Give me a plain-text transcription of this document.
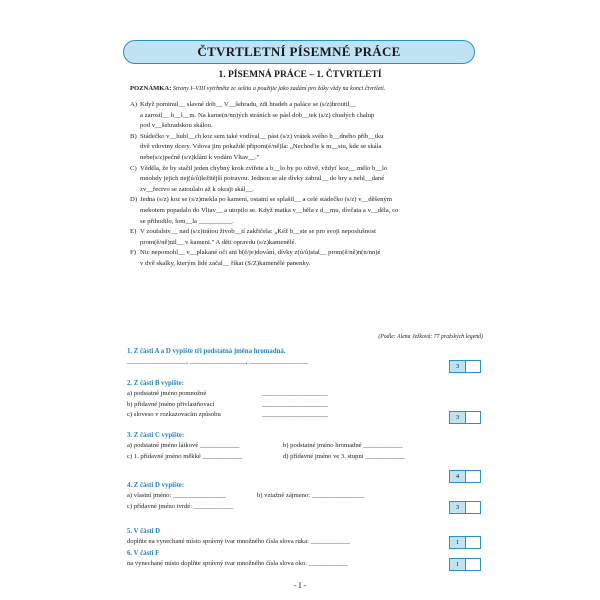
ČTVRTLETNÍ PÍSEMNÉ PRÁCE
1. PÍSEMNÁ PRÁCE – 1. ČTVRTLETÍ
POZNÁMKA: Strany I–VIII vytrhněte ze sešitu a použijte jako zadání pro žáky vždy na konci čtvrtletí.
A) Když pominul__ slavné dob__ V__šehradu, zdi hradeb a paláce se (s/z)hroutil__
a zarostl__ b__l__m. Na kame(n/nn)ých stráních se pásl dob__tek (s/z) chudých chalup
pod v__šehradskou skálou.
B) Stádečko v__hubl__ch koz sem také vodíval__ pást (s/z) vrátek svého b__dného příb__tku
dvě vdoviny dcery. Vdova jim pokaždé připom(é/ně)la: „Nechoďte k m__stu, kde se skála
nebe(s/z)pečně (s/z)kláni k vodám Vltav__."
C) Věděla, že by stačil jeden chybný krok zvířete a b__lo by po oživě, vždyť koz__ mělo b__lo
mnohdy jejich nej(ú/ů)ležitější potravou. Jednou se ale dívky zabral__ do hry a nehl__dané
zv__řectvo se zatoulalo až k okraji skál__.
D) Jedna (s/z) koz se (s/z)mekla po kameni, ostatní se splašil__ a celé stádečko (s/z) v__děšeným
mekotem popadalo do Vltav__ a utopilo se. Když matka v__běla z d__mu, dívčata a v__děla, co
se přihodilo, lom__la __________.
E) V zoufalstv__ nad (s/z)trátou živob__tí zakřičela: „Kéž b__ste se pro svoji neposlušnost
prom(ě/ně)nil__ v kameni." A děti opravdu (s/z)kamenělé.
F) Nic nepomohl__ v__plakané oči ani b(ě/je)dování, dívky z(ú/ů)stal__ prom(ě/ně)n(n/nn)é
v dvě skalky, kterým lidé začal__ říkat (S/Z)kamenělé panenky.
(Podle: Alena Ježková: 77 pražských legend)
1. Z části A a D vypište tři podstatná jména hromadná.
__________________, _________________, __________________
3
2. Z části B vypište:
a) podstatné jméno pomnožné	____________________
b) přídavné jméno přivlastňovací	____________________
c) sloveso v rozkazovacím způsobu	____________________	3
3. Z části C vypište:
a) podstatné jméno látkové ____________	b) podstatné jméno hromadné ____________
c) 1. přídavné jméno měkké ____________	d) přídavné jméno ve 3. stupni ____________
4
4. Z části D vypište:
a) vlastní jméno: ________________	b) vztažné zájmeno: ________________
c) přídavné jméno tvrdé: ____________	3
5. V části D
doplňte na vynechané místo správný tvar množného čísla slova ruka: ____________	1
6. V části F
na vynechané místo doplňte správný tvar množného čísla slova oko: ____________	1
- I -
